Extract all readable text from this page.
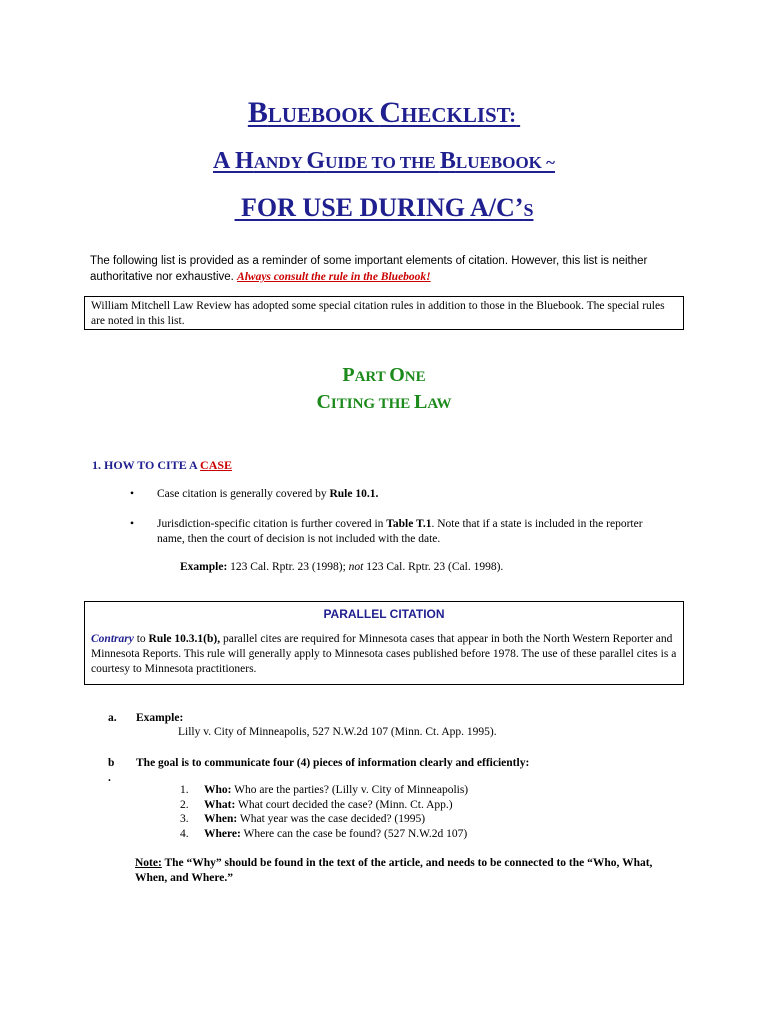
BLUEBOOK CHECKLIST:
A HANDY GUIDE TO THE BLUEBOOK ~
FOR USE DURING A/C’S
The following list is provided as a reminder of some important elements of citation. However, this list is neither authoritative nor exhaustive. Always consult the rule in the Bluebook!
William Mitchell Law Review has adopted some special citation rules in addition to those in the Bluebook. The special rules are noted in this list.
PART ONE
CITING THE LAW
1. HOW TO CITE A CASE
• Case citation is generally covered by Rule 10.1.
• Jurisdiction-specific citation is further covered in Table T.1. Note that if a state is included in the reporter name, then the court of decision is not included with the date.
Example: 123 Cal. Rptr. 23 (1998); not 123 Cal. Rptr. 23 (Cal. 1998).
PARALLEL CITATION
Contrary to Rule 10.3.1(b), parallel cites are required for Minnesota cases that appear in both the North Western Reporter and Minnesota Reports. This rule will generally apply to Minnesota cases published before 1978. The use of these parallel cites is a courtesy to Minnesota practitioners.
a. Example:
Lilly v. City of Minneapolis, 527 N.W.2d 107 (Minn. Ct. App. 1995).
b .
The goal is to communicate four (4) pieces of information clearly and efficiently:
1. Who: Who are the parties? (Lilly v. City of Minneapolis)
2. What: What court decided the case? (Minn. Ct. App.)
3. When: What year was the case decided? (1995)
4. Where: Where can the case be found? (527 N.W.2d 107)
Note: The “Why” should be found in the text of the article, and needs to be connected to the “Who, What, When, and Where.”
